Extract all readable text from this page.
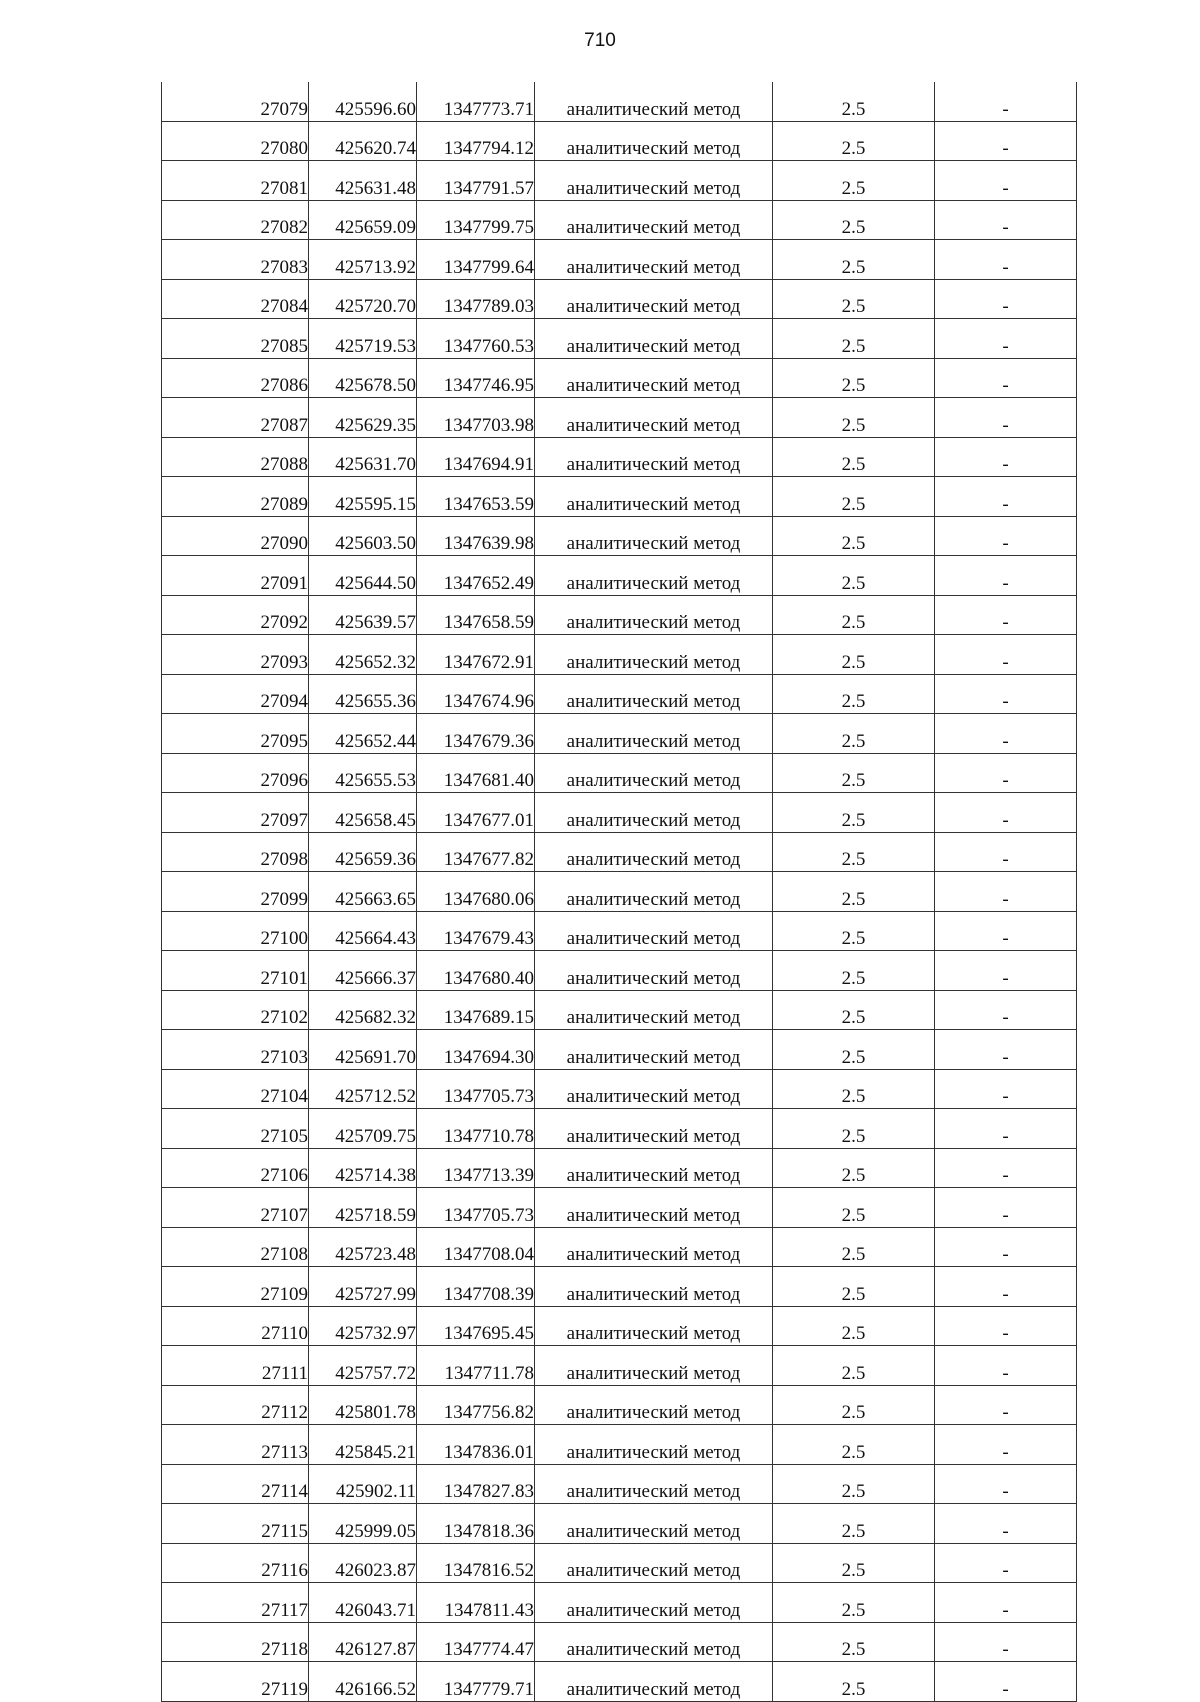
710
27079	425596.60	1347773.71	аналитический метод	2.5	-
27080	425620.74	1347794.12	аналитический метод	2.5	-
27081	425631.48	1347791.57	аналитический метод	2.5	-
27082	425659.09	1347799.75	аналитический метод	2.5	-
27083	425713.92	1347799.64	аналитический метод	2.5	-
27084	425720.70	1347789.03	аналитический метод	2.5	-
27085	425719.53	1347760.53	аналитический метод	2.5	-
27086	425678.50	1347746.95	аналитический метод	2.5	-
27087	425629.35	1347703.98	аналитический метод	2.5	-
27088	425631.70	1347694.91	аналитический метод	2.5	-
27089	425595.15	1347653.59	аналитический метод	2.5	-
27090	425603.50	1347639.98	аналитический метод	2.5	-
27091	425644.50	1347652.49	аналитический метод	2.5	-
27092	425639.57	1347658.59	аналитический метод	2.5	-
27093	425652.32	1347672.91	аналитический метод	2.5	-
27094	425655.36	1347674.96	аналитический метод	2.5	-
27095	425652.44	1347679.36	аналитический метод	2.5	-
27096	425655.53	1347681.40	аналитический метод	2.5	-
27097	425658.45	1347677.01	аналитический метод	2.5	-
27098	425659.36	1347677.82	аналитический метод	2.5	-
27099	425663.65	1347680.06	аналитический метод	2.5	-
27100	425664.43	1347679.43	аналитический метод	2.5	-
27101	425666.37	1347680.40	аналитический метод	2.5	-
27102	425682.32	1347689.15	аналитический метод	2.5	-
27103	425691.70	1347694.30	аналитический метод	2.5	-
27104	425712.52	1347705.73	аналитический метод	2.5	-
27105	425709.75	1347710.78	аналитический метод	2.5	-
27106	425714.38	1347713.39	аналитический метод	2.5	-
27107	425718.59	1347705.73	аналитический метод	2.5	-
27108	425723.48	1347708.04	аналитический метод	2.5	-
27109	425727.99	1347708.39	аналитический метод	2.5	-
27110	425732.97	1347695.45	аналитический метод	2.5	-
27111	425757.72	1347711.78	аналитический метод	2.5	-
27112	425801.78	1347756.82	аналитический метод	2.5	-
27113	425845.21	1347836.01	аналитический метод	2.5	-
27114	425902.11	1347827.83	аналитический метод	2.5	-
27115	425999.05	1347818.36	аналитический метод	2.5	-
27116	426023.87	1347816.52	аналитический метод	2.5	-
27117	426043.71	1347811.43	аналитический метод	2.5	-
27118	426127.87	1347774.47	аналитический метод	2.5	-
27119	426166.52	1347779.71	аналитический метод	2.5	-
